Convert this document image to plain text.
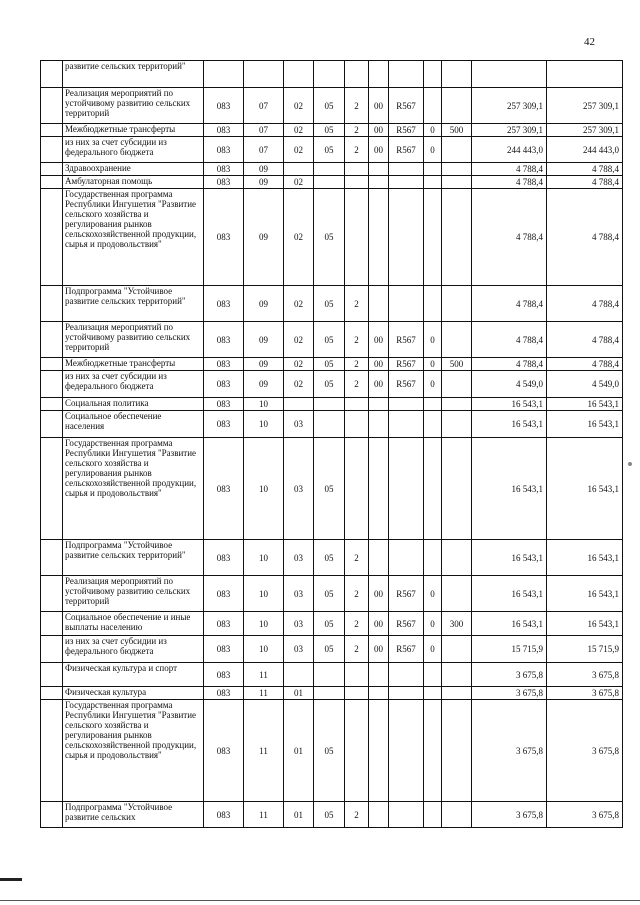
42
	развитие сельских территорий"											
	Реализация мероприятий по устойчивому развитию сельских территорий	083	07	02	05	2	00	R567			257 309,1	257 309,1
	Межбюджетные трансферты	083	07	02	05	2	00	R567	0	500	257 309,1	257 309,1
	из них за счет субсидии из федерального бюджета	083	07	02	05	2	00	R567	0		244 443,0	244 443,0
	Здравоохранение	083	09								4 788,4	4 788,4
	Амбулаторная помощь	083	09	02							4 788,4	4 788,4
	Государственная программа Республики Ингушетия "Развитие сельского хозяйства и регулирования рынков сельскохозяйственной продукции, сырья и продовольствия"	083	09	02	05						4 788,4	4 788,4
	Подпрограмма "Устойчивое развитие сельских территорий"	083	09	02	05	2					4 788,4	4 788,4
	Реализация мероприятий по устойчивому развитию сельских территорий	083	09	02	05	2	00	R567	0		4 788,4	4 788,4
	Межбюджетные трансферты	083	09	02	05	2	00	R567	0	500	4 788,4	4 788,4
	из них за счет субсидии из федерального бюджета	083	09	02	05	2	00	R567	0		4 549,0	4 549,0
	Социальная политика	083	10								16 543,1	16 543,1
	Социальное обеспечение населения	083	10	03							16 543,1	16 543,1
	Государственная программа Республики Ингушетия "Развитие сельского хозяйства и регулирования рынков сельскохозяйственной продукции, сырья и продовольствия"	083	10	03	05						16 543,1	16 543,1
	Подпрограмма "Устойчивое развитие сельских территорий"	083	10	03	05	2					16 543,1	16 543,1
	Реализация мероприятий по устойчивому развитию сельских территорий	083	10	03	05	2	00	R567	0		16 543,1	16 543,1
	Социальное обеспечение и иные выплаты населению	083	10	03	05	2	00	R567	0	300	16 543,1	16 543,1
	из них за счет субсидии из федерального бюджета	083	10	03	05	2	00	R567	0		15 715,9	15 715,9
	Физическая культура и спорт	083	11								3 675,8	3 675,8
	Физическая культура	083	11	01							3 675,8	3 675,8
	Государственная программа Республики Ингушетия "Развитие сельского хозяйства и регулирования рынков сельскохозяйственной продукции, сырья и продовольствия"	083	11	01	05						3 675,8	3 675,8
	Подпрограмма "Устойчивое развитие сельских	083	11	01	05	2					3 675,8	3 675,8
